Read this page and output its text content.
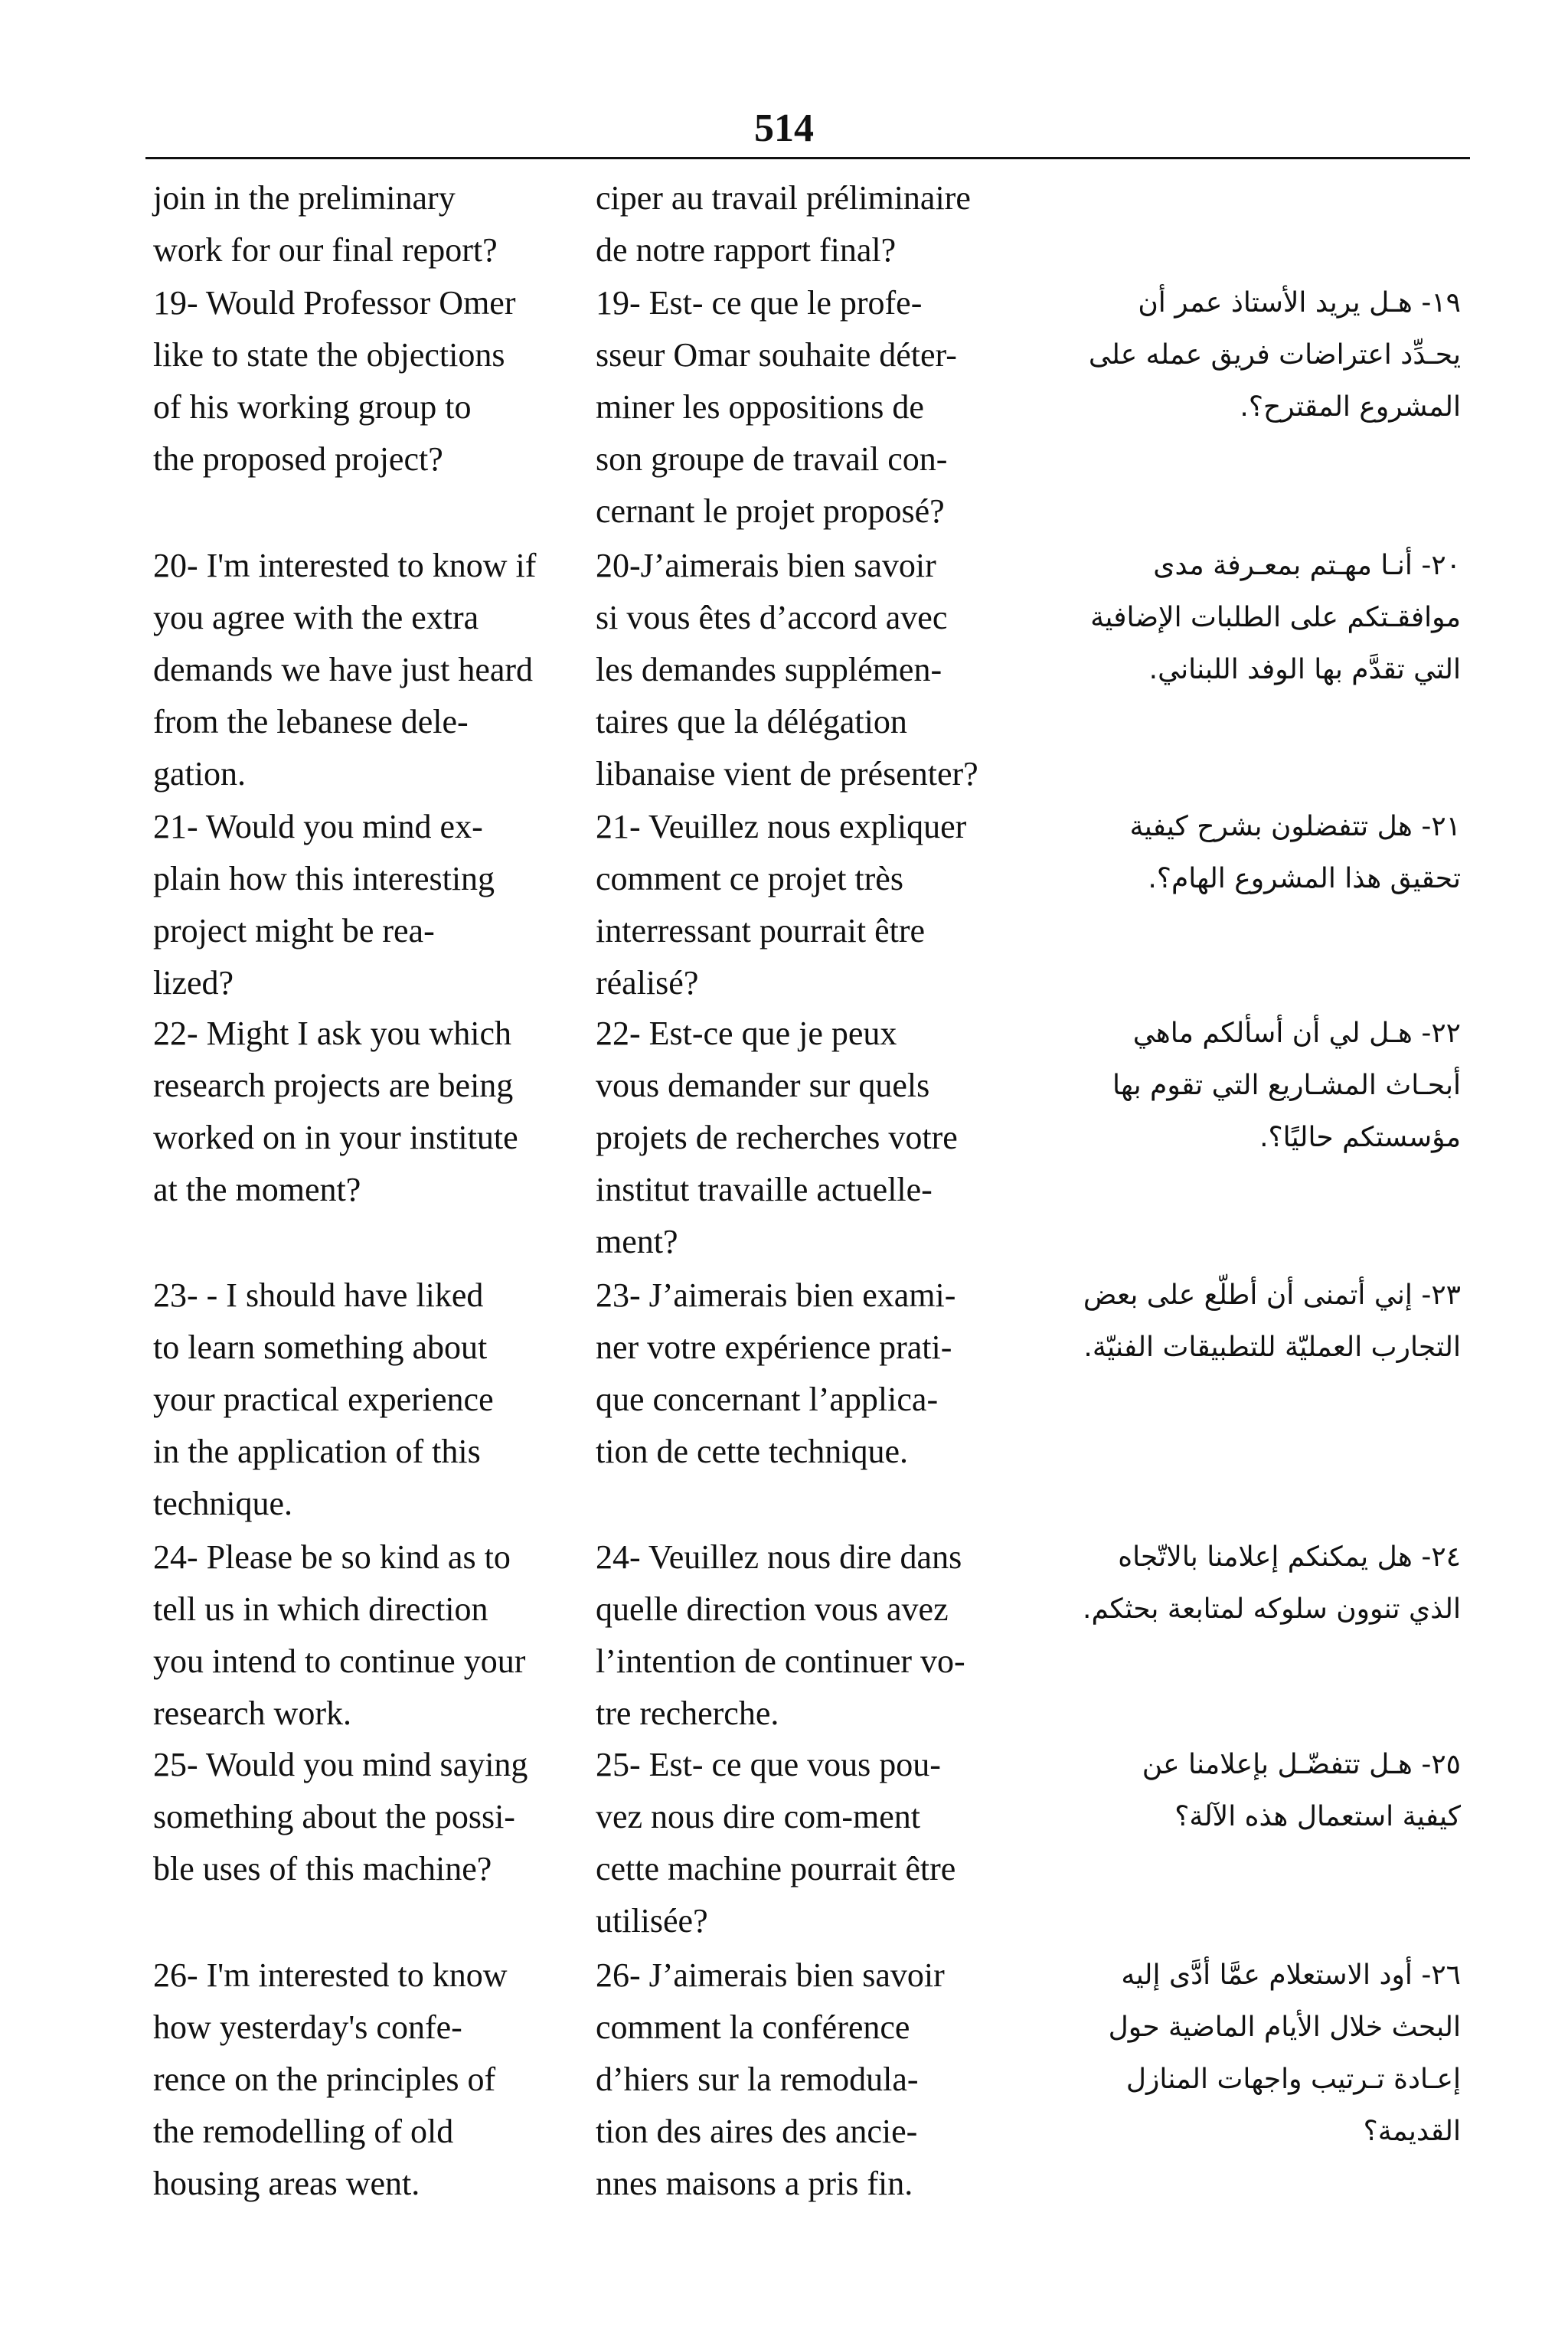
514
join in the preliminary
work for our final report?
19- Would Professor Omer
like to state the objections
of his working group to
the proposed project?
20- I'm interested to know if
you agree with the extra
demands we have just heard
from the lebanese dele-
gation.
21- Would you mind ex-
plain how this interesting
project might be rea-
lized?
22- Might I ask you which
research projects are being
worked on in your institute
at the moment?
23- - I should have liked
to learn something about
your practical experience
in the application of this
technique.
24- Please be so kind as to
tell us in which direction
you intend to continue your
research work.
25- Would you mind saying
something about the possi-
ble uses of this machine?
26- I'm interested to know
how yesterday's confe-
rence on the principles of
the remodelling of old
housing areas went.
ciper au travail préliminaire
de notre rapport final?
19- Est- ce que le profe-
sseur Omar souhaite déter-
miner les oppositions de
son groupe de travail con-
cernant le projet proposé?
20-J’aimerais bien savoir
si vous êtes d’accord avec
les demandes supplémen-
taires que la délégation
libanaise vient de présenter?
21- Veuillez nous expliquer
comment ce projet très
interressant pourrait être
réalisé?
22- Est-ce que je peux
vous demander sur quels
projets de recherches votre
institut travaille actuelle-
ment?
23- J’aimerais bien exami-
ner votre expérience prati-
que concernant l’applica-
tion de cette technique.
24- Veuillez nous dire dans
quelle direction vous avez
l’intention de continuer vo-
tre recherche.
25- Est- ce que vous pou-
vez nous dire com-ment
cette machine pourrait être
utilisée?
26- J’aimerais bien savoir
comment la conférence
d’hiers sur la remodula-
tion des aires des ancie-
nnes maisons a pris fin.
١٩- هـل يريد الأستاذ عمر أن
يحـدِّد اعتراضات فريق عمله على
المشروع المقترح؟.
٢٠- أنـا مهـتم بمعـرفة مدى
موافقـتكم على الطلبات الإضافية
التي تقدَّم بها الوفد اللبناني.
٢١- هل تتفضلون بشرح كيفية
تحقيق هذا المشروع الهام؟.
٢٢- هـل لي أن أسألكم ماهي
أبحـاث المشـاريع التي تقوم بها
مؤسستكم حاليًا؟.
٢٣- إني أتمنى أن أطلّع على بعض
التجارب العمليّة للتطبيقات الفنيّة.
٢٤- هل يمكنكم إعلامنا بالاتّجاه
الذي تنوون سلوكه لمتابعة بحثكم.
٢٥- هـل تتفضّـل بإعلامنا عن
كيفية استعمال هذه الآلة؟
٢٦- أود الاستعلام عمَّا أدَّى إليه
البحث خلال الأيام الماضية حول
إعـادة تـرتيب واجهات المنازل
القديمة؟
